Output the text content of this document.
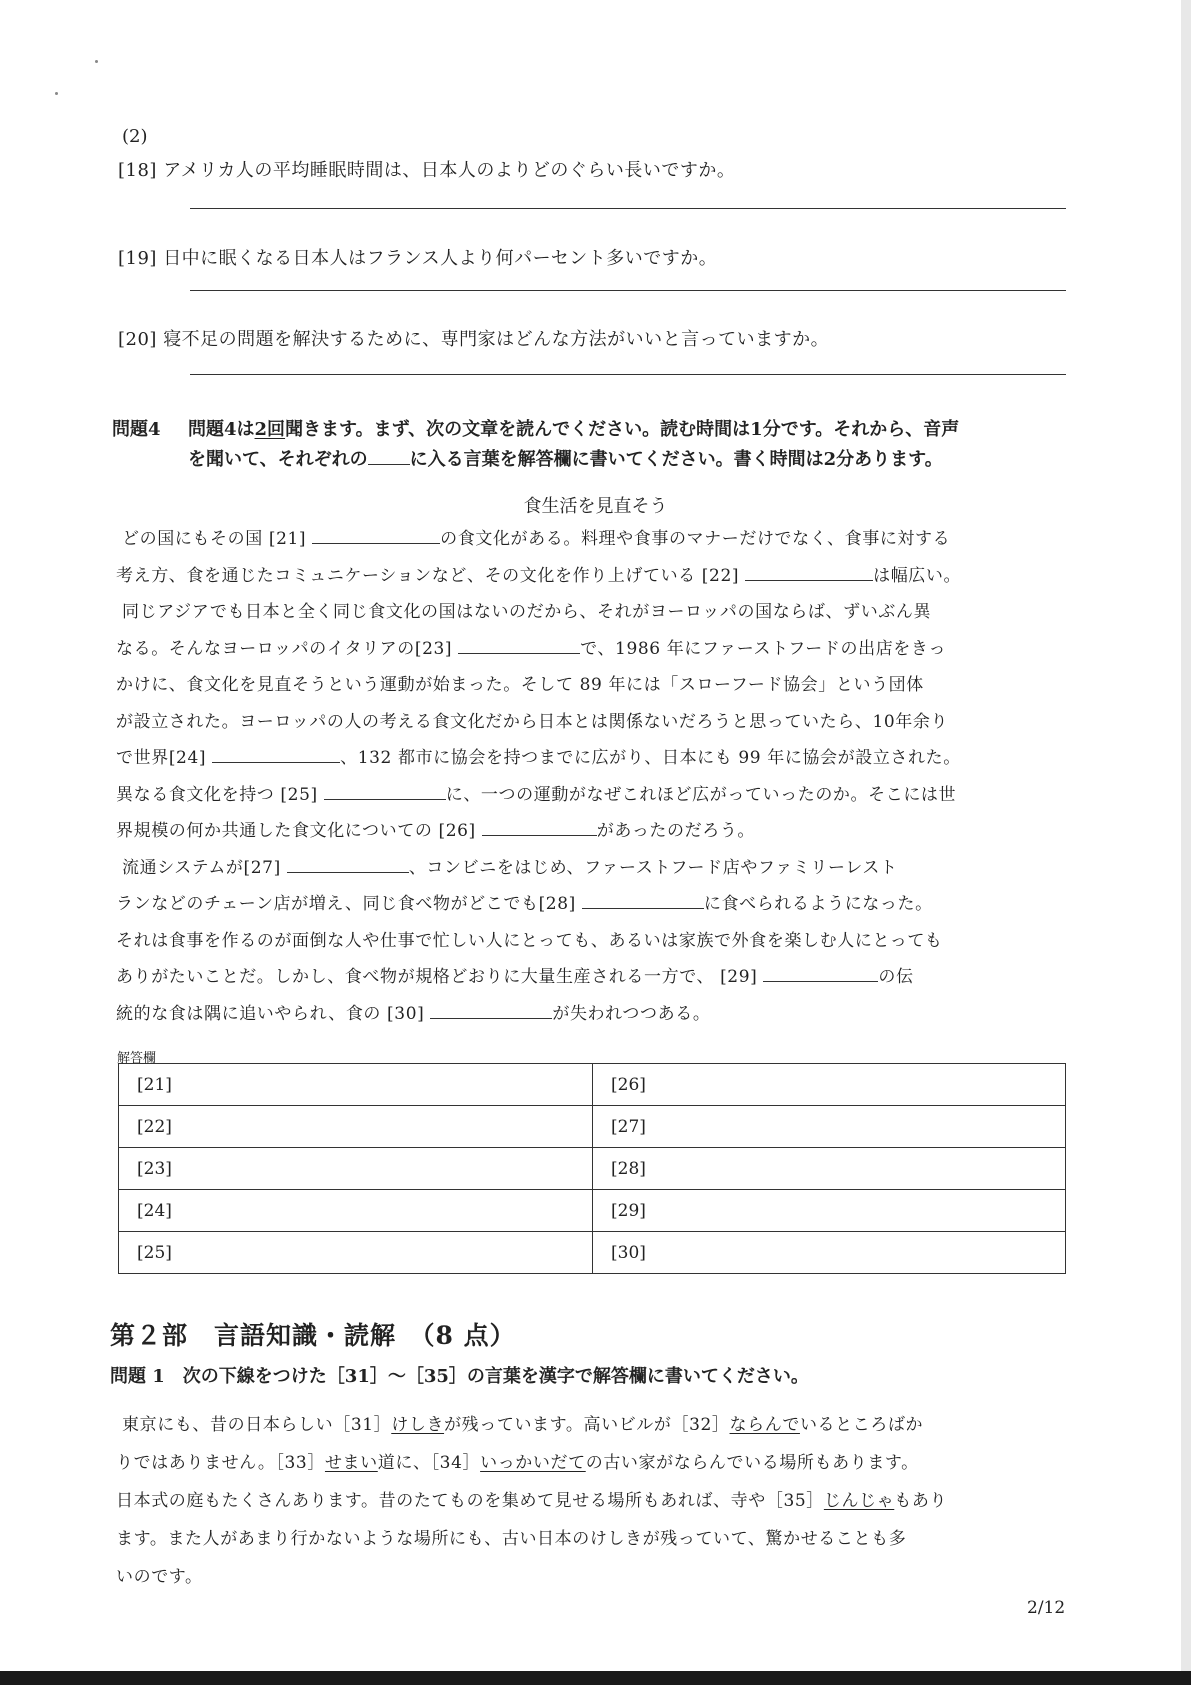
(2)
[18] アメリカ人の平均睡眠時間は、日本人のよりどのぐらい長いですか。
[19] 日中に眠くなる日本人はフランス人より何パーセント多いですか。
[20] 寝不足の問題を解決するために、専門家はどんな方法がいいと言っていますか。
問題4 問題4は2回聞きます。まず、次の文章を読んでください。読む時間は1分です。それから、音声
を聞いて、それぞれの に入る言葉を解答欄に書いてください。書く時間は2分あります。
食生活を見直そう
どの国にもその国 [21]	の食文化がある。料理や食事のマナーだけでなく、食事に対する
考え方、食を通じたコミュニケーションなど、その文化を作り上げている [22]	は幅広い。
同じアジアでも日本と全く同じ食文化の国はないのだから、それがヨーロッパの国ならば、ずいぶん異
なる。そんなヨーロッパのイタリアの[23]	で、1986 年にファーストフードの出店をきっ
かけに、食文化を見直そうという運動が始まった。そして 89 年には「スローフード協会」という団体
が設立された。ヨーロッパの人の考える食文化だから日本とは関係ないだろうと思っていたら、10年余り
で世界[24]	、132 都市に協会を持つまでに広がり、日本にも 99 年に協会が設立された。
異なる食文化を持つ [25]	に、一つの運動がなぜこれほど広がっていったのか。そこには世
界規模の何か共通した食文化についての [26]	があったのだろう。
流通システムが[27]	、コンビニをはじめ、ファーストフード店やファミリーレスト
ランなどのチェーン店が増え、同じ食べ物がどこでも[28]	に食べられるようになった。
それは食事を作るのが面倒な人や仕事で忙しい人にとっても、あるいは家族で外食を楽しむ人にとっても
ありがたいことだ。しかし、食べ物が規格どおりに大量生産される一方で、 [29]	の伝
統的な食は隅に追いやられ、食の [30]	が失われつつある。
解答欄
[21]	[26]
[22]	[27]
[23]	[28]
[24]	[29]
[25]	[30]
第２部　言語知識・読解　（8 点）
問題 1　次の下線をつけた［31］～［35］の言葉を漢字で解答欄に書いてください。
東京にも、昔の日本らしい［31］けしきが残っています。高いビルが［32］ならんでいるところばか
りではありません。［33］せまい道に、［34］いっかいだての古い家がならんでいる場所もあります。
日本式の庭もたくさんあります。昔のたてものを集めて見せる場所もあれば、寺や［35］じんじゃもあり
ます。また人があまり行かないような場所にも、古い日本のけしきが残っていて、驚かせることも多
いのです。
2/12
